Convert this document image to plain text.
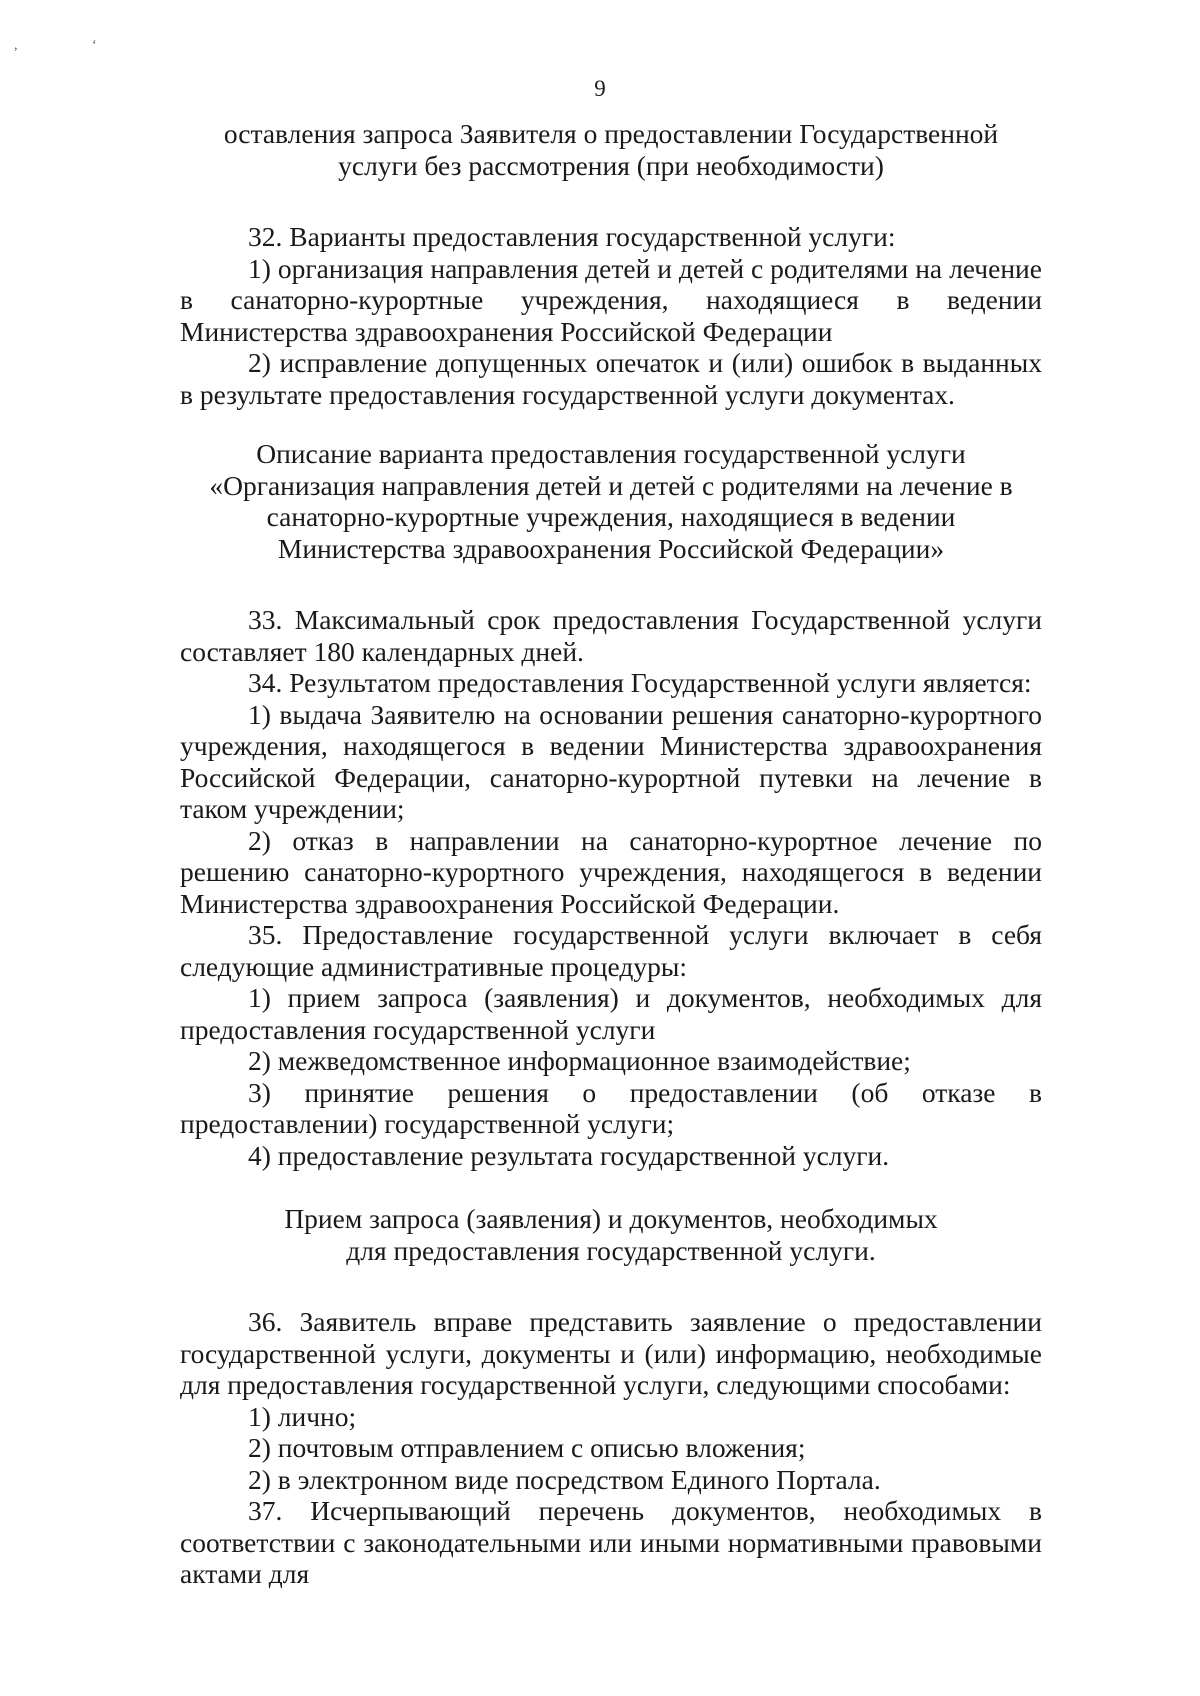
,	ʻ
9
оставления запроса Заявителя о предоставлении Государственной услуги без рассмотрения (при необходимости)
32. Варианты предоставления государственной услуги:
1) организация направления детей и детей с родителями на лечение в санаторно-курортные учреждения, находящиеся в ведении Министерства здравоохранения Российской Федерации
2) исправление допущенных опечаток и (или) ошибок в выданных в результате предоставления государственной услуги документах.
Описание варианта предоставления государственной услуги
«Организация направления детей и детей с родителями на лечение в санаторно-курортные учреждения, находящиеся в ведении Министерства здравоохранения Российской Федерации»
33. Максимальный срок предоставления Государственной услуги составляет 180 календарных дней.
34. Результатом предоставления Государственной услуги является:
1) выдача Заявителю на основании решения санаторно-курортного учреждения, находящегося в ведении Министерства здравоохранения Российской Федерации, санаторно-курортной путевки на лечение в таком учреждении;
2) отказ в направлении на санаторно-курортное лечение по решению санаторно-курортного учреждения, находящегося в ведении Министерства здравоохранения Российской Федерации.
35. Предоставление государственной услуги включает в себя следующие административные процедуры:
1) прием запроса (заявления) и документов, необходимых для предоставления государственной услуги
2) межведомственное информационное взаимодействие;
3) принятие решения о предоставлении (об отказе в предоставлении) государственной услуги;
4) предоставление результата государственной услуги.
Прием запроса (заявления) и документов, необходимых
для предоставления государственной услуги.
36. Заявитель вправе представить заявление о предоставлении государственной услуги, документы и (или) информацию, необходимые для предоставления государственной услуги, следующими способами:
1) лично;
2) почтовым отправлением с описью вложения;
2) в электронном виде посредством Единого Портала.
37. Исчерпывающий перечень документов, необходимых в соответствии с законодательными или иными нормативными правовыми актами для
